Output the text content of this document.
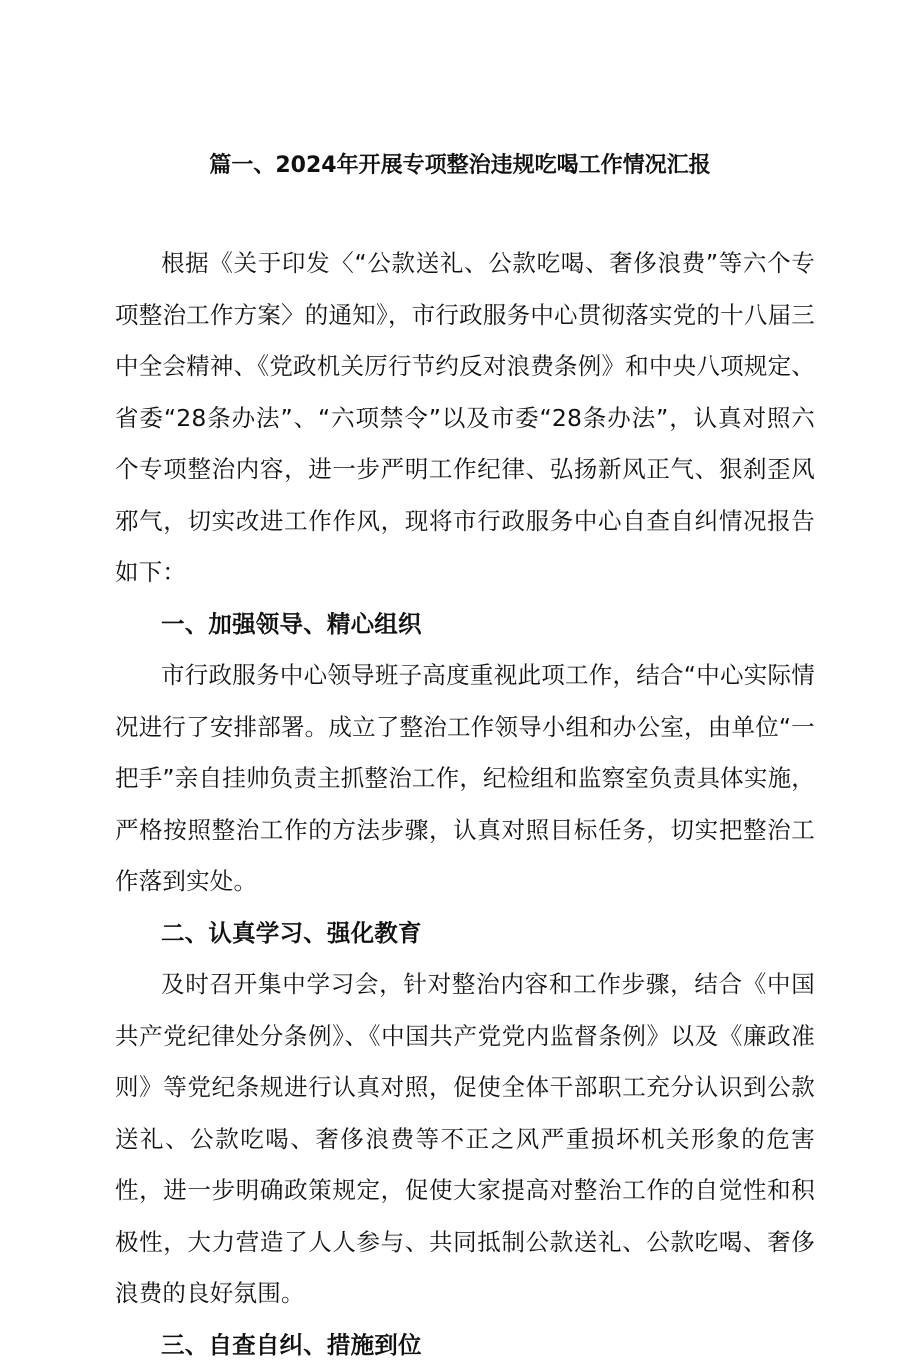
篇一、2024年开展专项整治违规吃喝工作情况汇报

根据《关于印发〈“公款送礼、公款吃喝、奢侈浪费”等六个专项整治工作方案〉的通知》，市行政服务中心贯彻落实党的十八届三中全会精神、《党政机关厉行节约反对浪费条例》和中央八项规定、省委“28条办法”、“六项禁令”以及市委“28条办法”，认真对照六个专项整治内容，进一步严明工作纪律、弘扬新风正气、狠刹歪风邪气，切实改进工作作风，现将市行政服务中心自查自纠情况报告如下：

一、加强领导、精心组织

市行政服务中心领导班子高度重视此项工作，结合“中心实际情况进行了安排部署。成立了整治工作领导小组和办公室，由单位“一把手”亲自挂帅负责主抓整治工作，纪检组和监察室负责具体实施，严格按照整治工作的方法步骤，认真对照目标任务，切实把整治工作落到实处。

二、认真学习、强化教育

及时召开集中学习会，针对整治内容和工作步骤，结合《中国共产党纪律处分条例》、《中国共产党党内监督条例》以及《廉政准则》等党纪条规进行认真对照，促使全体干部职工充分认识到公款送礼、公款吃喝、奢侈浪费等不正之风严重损坏机关形象的危害性，进一步明确政策规定，促使大家提高对整治工作的自觉性和积极性，大力营造了人人参与、共同抵制公款送礼、公款吃喝、奢侈浪费的良好氛围。

三、自查自纠、措施到位
